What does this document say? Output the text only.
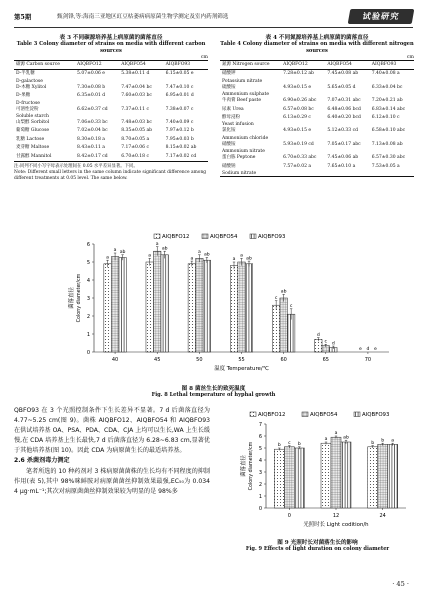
第5期	甄剑锋,等:海南三亚地区豇豆枯萎病病原菌生物学测定及室内药剂筛选	试验研究
表 3 不同碳源培养基上病原菌的菌落直径
Table 3 Colony diameter of strains on media with different carbon sources
cm
碳源 Carbon source	AIQBFO12	AIQBFO54	AIQBFO93
D-半乳糖
D-galactose	5.07±0.06 e	5.38±0.11 d	6.15±0.05 e
D-木糖 Xylitol	7.30±0.08 b	7.47±0.04 bc	7.47±0.10 c
D-果糖
D-fructose	6.35±0.01 d	7.60±0.03 bc	6.95±0.01 d
可溶性淀粉
Soluble starch	6.62±0.37 cd	7.37±0.11 c	7.38±0.07 c
山梨醇 Sorbitol	7.06±0.33 bc	7.48±0.03 bc	7.40±0.09 c
葡萄糖 Glucose	7.02±0.04 bc	8.35±0.05 ab	7.97±0.12 b
乳糖 Lactose	8.30±0.18 a	8.70±0.05 a	7.95±0.03 b
麦芽糖 Maltose	8.43±0.11 a	7.17±0.06 c	8.15±0.02 ab
甘露醇 Mannitol	8.42±0.17 cd	6.70±0.18 c	7.17±0.02 cd
注:同列不同小写字母表示处理间在 0.05 水平差异显著。下同。
Note: Different small letters in the same column indicate significant difference among different treatments at 0.05 level. The same below.
表 4 不同氮源培养基上病原菌的菌落直径
Table 4 Colony diameter of strains on media with different nitrogen sources
cm
氮源 Nitrogen source	AIQBFO12	AIQBFO54	AIQBFO93
硝酸钾
Potassium nitrate	7.28±0.12 ab	7.45±0.08 ab	7.40±0.08 a
硫酸铵
Ammonium sulphate	4.93±0.15 e	5.65±0.05 d	6.33±0.04 bc
牛肉膏 Beef paste	6.90±0.26 abc	7.07±0.31 abc	7.20±0.21 ab
尿素 Urea	6.57±0.08 bc	6.48±0.06 bcd	6.83±0.14 abc
酵母浸粉
Yeast infusion	6.13±0.29 c	6.40±0.20 bcd	6.12±0.10 c
氯化铵
Ammonium chloride	4.93±0.15 e	5.12±0.33 cd	6.58±0.10 abc
硝酸铵
Ammonium nitrate	5.93±0.19 cd	7.05±0.17 abc	7.13±0.08 ab
蛋白胨 Peptone	6.70±0.33 abc	7.45±0.06 ab	6.57±0.30 abc
硝酸钠
Sodium nitrate	7.57±0.02 a	7.65±0.10 a	7.53±0.05 a
AIQBFO12	AIQBFO54	AIQBFO93
0
1
2
3
4
5
6
菌落直径 Colony diameter/cm
40
a
a ab
45
a
a
ab
50
a
a
ab
55
a
a
ab
60
c
ab
c
65
d
c d
70
e d e
温度 Temperature/℃
图 8 菌丝生长的致死温度
Fig. 8 Lethal temperature of hyphal growth

QBFO93 在 3 个光照控制条件下生长差异不显著。7 d 后菌落直径为 4.77~5.25 cm(图 9)。菌株 AIQBFO12、AIQBFO54 和 AIQBFO93 在供试培养基 OA、PSA、PDA、CDA、CJA 上均可以生长,WA 上生长缓慢,在 CDA 培养基上生长最快,7 d 后菌落直径为 6.28~6.83 cm,显著优于其他培养基(图 10)。因此 CDA 为病原菌生长的最适培养基。

2.6 杀菌剂毒力测定

笔者所选的 10 种药剂对 3 株病原菌菌株的生长均有不同程度的抑制作用(表 5),其中 98%咪鲜胺对病原菌菌丝抑制效果最强,EC₅₀为 0.034 4 μg·mL⁻¹;其次对病原菌菌丝抑制效果较为明显的是 98%多

AIQBFO12	AIQBFO54	AIQBFO93
0
1
2
3
4
5
6
7
菌落直径 Colony diameter/cm
0
b c b
12
a
a
ab
24
b b a
光照时长 Light codition/h
图 9 光照时长对菌落生长的影响
Fig. 9 Effects of light duration on colony diameter
· 45 ·
